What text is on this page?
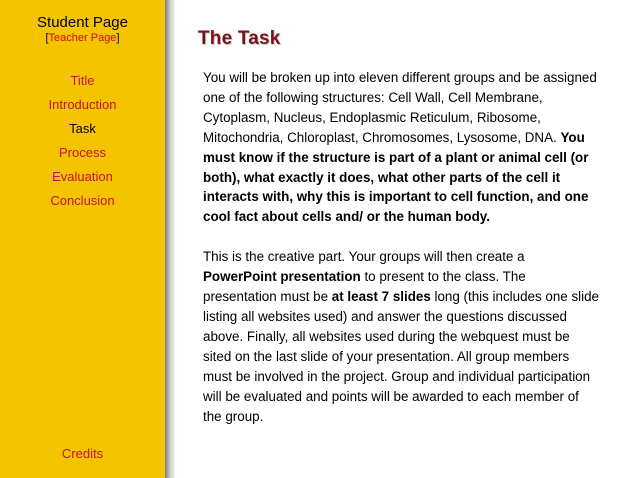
Student Page
[Teacher Page]
Title
Introduction
Task
Process
Evaluation
Conclusion
Credits
The Task

You will be broken up into eleven different groups and be assigned one of the following structures: Cell Wall, Cell Membrane, Cytoplasm, Nucleus, Endoplasmic Reticulum, Ribosome, Mitochondria, Chloroplast, Chromosomes, Lysosome, DNA. You must know if the structure is part of a plant or animal cell (or both), what exactly it does, what other parts of the cell it interacts with, why this is important to cell function, and one cool fact about cells and/ or the human body.

This is the creative part. Your groups will then create a PowerPoint presentation to present to the class. The presentation must be at least 7 slides long (this includes one slide listing all websites used) and answer the questions discussed above. Finally, all websites used during the webquest must be sited on the last slide of your presentation. All group members must be involved in the project. Group and individual participation will be evaluated and points will be awarded to each member of the group.
